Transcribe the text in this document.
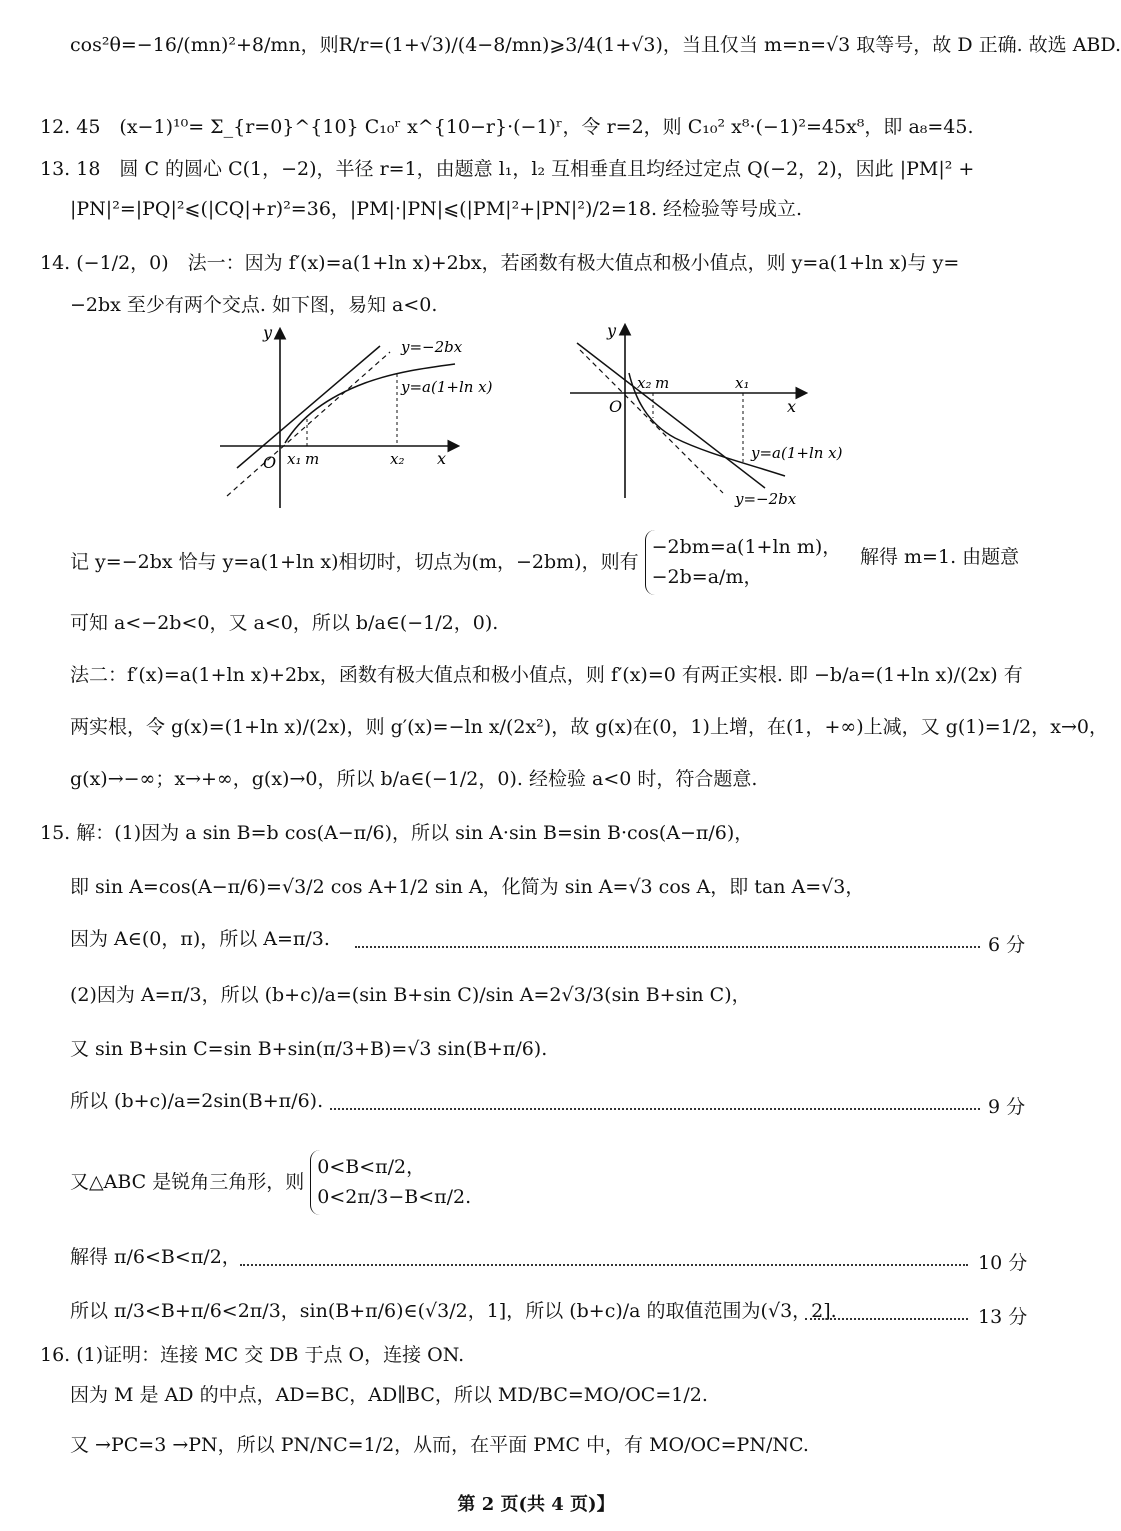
cos²θ=−16/(mn)²+8/mn，则R/r=(1+√3)/(4−8/mn)⩾3/4(1+√3)，当且仅当 m=n=√3 取等号，故 D 正确. 故选 ABD.
12. 45　(x−1)¹⁰= Σ_{r=0}^{10} C₁₀ʳ x^{10−r}·(−1)ʳ，令 r=2，则 C₁₀² x⁸·(−1)²=45x⁸，即 a₈=45.
13. 18　圆 C 的圆心 C(1，−2)，半径 r=1，由题意 l₁，l₂ 互相垂直且均经过定点 Q(−2，2)，因此 |PM|² +
|PN|²=|PQ|²⩽(|CQ|+r)²=36，|PM|·|PN|⩽(|PM|²+|PN|²)/2=18. 经检验等号成立.
14. (−1/2，0)　法一：因为 f′(x)=a(1+ln x)+2bx，若函数有极大值点和极小值点，则 y=a(1+ln x)与 y=
−2bx 至少有两个交点. 如下图，易知 a<0.
y
x
O
y=−2bx
y=a(1+ln x)
x₁ m	x₂
y
x
O
x₂ m	x₁
y=a(1+ln x)
y=−2bx
记 y=−2bx 恰与 y=a(1+ln x)相切时，切点为(m，−2bm)，则有
−2bm=a(1+ln m)，
−2b=a/m，
解得 m=1. 由题意
可知 a<−2b<0，又 a<0，所以 b/a∈(−1/2，0).
法二：f′(x)=a(1+ln x)+2bx，函数有极大值点和极小值点，则 f′(x)=0 有两正实根. 即 −b/a=(1+ln x)/(2x) 有
两实根，令 g(x)=(1+ln x)/(2x)，则 g′(x)=−ln x/(2x²)，故 g(x)在(0，1)上增，在(1，+∞)上减，又 g(1)=1/2，x→0，
g(x)→−∞；x→+∞，g(x)→0，所以 b/a∈(−1/2，0). 经检验 a<0 时，符合题意.
15. 解：(1)因为 a sin B=b cos(A−π/6)，所以 sin A·sin B=sin B·cos(A−π/6)，
即 sin A=cos(A−π/6)=√3/2 cos A+1/2 sin A，化简为 sin A=√3 cos A，即 tan A=√3，
因为 A∈(0，π)，所以 A=π/3.	6 分
(2)因为 A=π/3，所以 (b+c)/a=(sin B+sin C)/sin A=2√3/3(sin B+sin C)，
又 sin B+sin C=sin B+sin(π/3+B)=√3 sin(B+π/6).
所以 (b+c)/a=2sin(B+π/6).	9 分
又△ABC 是锐角三角形，则
0<B<π/2，
0<2π/3−B<π/2.
解得 π/6<B<π/2，	10 分
所以 π/3<B+π/6<2π/3，sin(B+π/6)∈(√3/2，1]，所以 (b+c)/a 的取值范围为(√3，2].	13 分
16. (1)证明：连接 MC 交 DB 于点 O，连接 ON.
因为 M 是 AD 的中点，AD=BC，AD∥BC，所以 MD/BC=MO/OC=1/2.
又 →PC=3 →PN，所以 PN/NC=1/2，从而，在平面 PMC 中，有 MO/OC=PN/NC.
第 2 页(共 4 页)】
